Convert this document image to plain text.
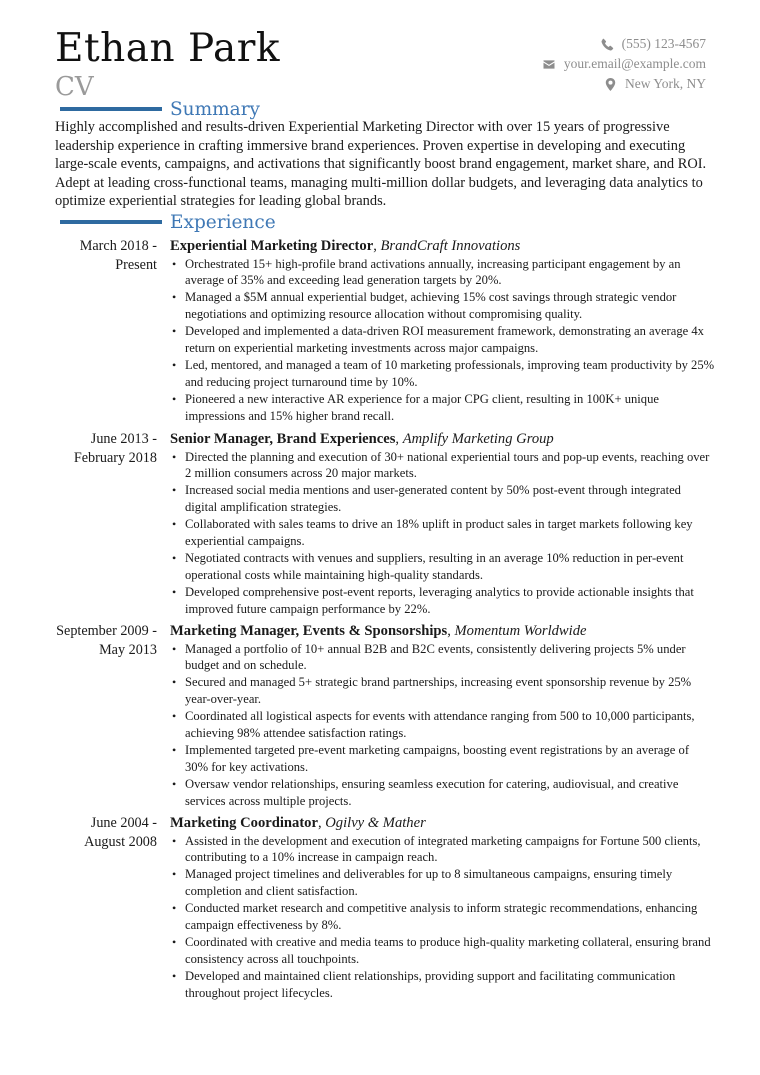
Ethan Park
CV
(555) 123-4567
your.email@example.com
New York, NY
Summary
Highly accomplished and results-driven Experiential Marketing Director with over 15 years of progressive leadership experience in crafting immersive brand experiences. Proven expertise in developing and executing large-scale events, campaigns, and activations that significantly boost brand engagement, market share, and ROI. Adept at leading cross-functional teams, managing multi-million dollar budgets, and leveraging data analytics to optimize experiential strategies for leading global brands.
Experience
March 2018 - Present
Experiential Marketing Director, BrandCraft Innovations
• Orchestrated 15+ high-profile brand activations annually, increasing participant engagement by an average of 35% and exceeding lead generation targets by 20%.
• Managed a $5M annual experiential budget, achieving 15% cost savings through strategic vendor negotiations and optimizing resource allocation without compromising quality.
• Developed and implemented a data-driven ROI measurement framework, demonstrating an average 4x return on experiential marketing investments across major campaigns.
• Led, mentored, and managed a team of 10 marketing professionals, improving team productivity by 25% and reducing project turnaround time by 10%.
• Pioneered a new interactive AR experience for a major CPG client, resulting in 100K+ unique impressions and 15% higher brand recall.
June 2013 - February 2018
Senior Manager, Brand Experiences, Amplify Marketing Group
• Directed the planning and execution of 30+ national experiential tours and pop-up events, reaching over 2 million consumers across 20 major markets.
• Increased social media mentions and user-generated content by 50% post-event through integrated digital amplification strategies.
• Collaborated with sales teams to drive an 18% uplift in product sales in target markets following key experiential campaigns.
• Negotiated contracts with venues and suppliers, resulting in an average 10% reduction in per-event operational costs while maintaining high-quality standards.
• Developed comprehensive post-event reports, leveraging analytics to provide actionable insights that improved future campaign performance by 22%.
September 2009 - May 2013
Marketing Manager, Events & Sponsorships, Momentum Worldwide
• Managed a portfolio of 10+ annual B2B and B2C events, consistently delivering projects 5% under budget and on schedule.
• Secured and managed 5+ strategic brand partnerships, increasing event sponsorship revenue by 25% year-over-year.
• Coordinated all logistical aspects for events with attendance ranging from 500 to 10,000 participants, achieving 98% attendee satisfaction ratings.
• Implemented targeted pre-event marketing campaigns, boosting event registrations by an average of 30% for key activations.
• Oversaw vendor relationships, ensuring seamless execution for catering, audiovisual, and creative services across multiple projects.
June 2004 - August 2008
Marketing Coordinator, Ogilvy & Mather
• Assisted in the development and execution of integrated marketing campaigns for Fortune 500 clients, contributing to a 10% increase in campaign reach.
• Managed project timelines and deliverables for up to 8 simultaneous campaigns, ensuring timely completion and client satisfaction.
• Conducted market research and competitive analysis to inform strategic recommendations, enhancing campaign effectiveness by 8%.
• Coordinated with creative and media teams to produce high-quality marketing collateral, ensuring brand consistency across all touchpoints.
• Developed and maintained client relationships, providing support and facilitating communication throughout project lifecycles.
